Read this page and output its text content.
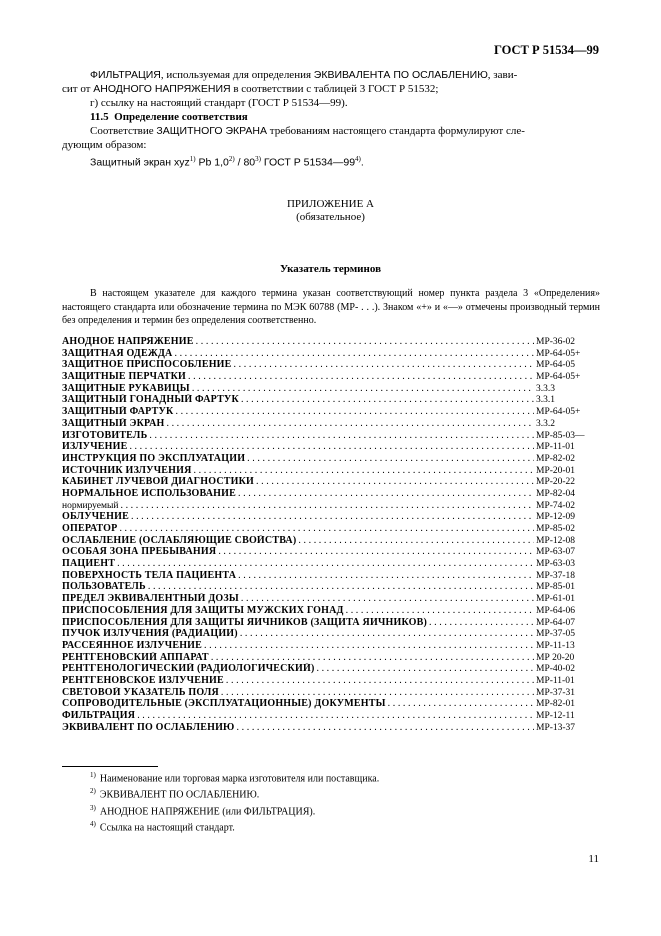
ГОСТ Р 51534—99

ФИЛЬТРАЦИЯ, используемая для определения ЭКВИВАЛЕНТА ПО ОСЛАБЛЕНИЮ, зави-

сит от АНОДНОГО НАПРЯЖЕНИЯ в соответствии с таблицей 3 ГОСТ Р 51532;

г) ссылку на настоящий стандарт (ГОСТ Р 51534—99).

11.5 Определение соответствия

Соответствие ЗАЩИТНОГО ЭКРАНА требованиям настоящего стандарта формулируют сле-

дующим образом:

Защитный экран xyz$^{1)}$ Pb 1,0$^{2)}$ / 80$^{3)}$ ГОСТ Р 51534—99$^{4)}$.

ПРИЛОЖЕНИЕ А
(обязательное)
Указатель терминов

В настоящем указателе для каждого термина указан соответствующий номер пункта раздела 3 «Определения» настоящего стандарта или обозначение термина по МЭК 60788 (МР- . . .). Знаком «+» и «—» отмечены производный термин без определения и термин без определения соответственно.

АНОДНОЕ НАПРЯЖЕНИЕ .....	МР-36-02
ЗАЩИТНАЯ ОДЕЖДА .....	МР-64-05+
ЗАЩИТНОЕ ПРИСПОСОБЛЕНИЕ .....	МР-64-05
ЗАЩИТНЫЕ ПЕРЧАТКИ .....	МР-64-05+
ЗАЩИТНЫЕ РУКАВИЦЫ .....	3.3.3
ЗАЩИТНЫЙ ГОНАДНЫЙ ФАРТУК .....	3.3.1
ЗАЩИТНЫЙ ФАРТУК .....	МР-64-05+
ЗАЩИТНЫЙ ЭКРАН .....	3.3.2
ИЗГОТОВИТЕЛЬ .....	МР-85-03—
ИЗЛУЧЕНИЕ .....	МР-11-01
ИНСТРУКЦИЯ ПО ЭКСПЛУАТАЦИИ .....	МР-82-02
ИСТОЧНИК ИЗЛУЧЕНИЯ .....	МР-20-01
КАБИНЕТ ЛУЧЕВОЙ ДИАГНОСТИКИ .....	МР-20-22
НОРМАЛЬНОЕ ИСПОЛЬЗОВАНИЕ .....	МР-82-04
нормируемый .....	МР-74-02
ОБЛУЧЕНИЕ .....	МР-12-09
ОПЕРАТОР .....	МР-85-02
ОСЛАБЛЕНИЕ (ОСЛАБЛЯЮЩИЕ СВОЙСТВА) .....	МР-12-08
ОСОБАЯ ЗОНА ПРЕБЫВАНИЯ .....	МР-63-07
ПАЦИЕНТ .....	МР-63-03
ПОВЕРХНОСТЬ ТЕЛА ПАЦИЕНТА .....	МР-37-18
ПОЛЬЗОВАТЕЛЬ .....	МР-85-01
ПРЕДЕЛ ЭКВИВАЛЕНТНЫЙ ДОЗЫ .....	МР-61-01
ПРИСПОСОБЛЕНИЯ ДЛЯ ЗАЩИТЫ МУЖСКИХ ГОНАД .....	МР-64-06
ПРИСПОСОБЛЕНИЯ ДЛЯ ЗАЩИТЫ ЯИЧНИКОВ (ЗАЩИТА ЯИЧНИКОВ) .....	МР-64-07
ПУЧОК ИЗЛУЧЕНИЯ (РАДИАЦИИ) .....	МР-37-05
РАССЕЯННОЕ ИЗЛУЧЕНИЕ .....	МР-11-13
РЕНТГЕНОВСКИЙ АППАРАТ .....	МР 20-20
РЕНТГЕНОЛОГИЧЕСКИЙ (РАДИОЛОГИЧЕСКИЙ) .....	МР-40-02
РЕНТГЕНОВСКОЕ ИЗЛУЧЕНИЕ .....	МР-11-01
СВЕТОВОЙ УКАЗАТЕЛЬ ПОЛЯ .....	МР-37-31
СОПРОВОДИТЕЛЬНЫЕ (ЭКСПЛУАТАЦИОННЫЕ) ДОКУМЕНТЫ .....	МР-82-01
ФИЛЬТРАЦИЯ .....	МР-12-11
ЭКВИВАЛЕНТ ПО ОСЛАБЛЕНИЮ .....	МР-13-37

$^{1)}$ Наименование или торговая марка изготовителя или поставщика.

$^{2)}$ ЭКВИВАЛЕНТ ПО ОСЛАБЛЕНИЮ.

$^{3)}$ АНОДНОЕ НАПРЯЖЕНИЕ (или ФИЛЬТРАЦИЯ).

$^{4)}$ Ссылка на настоящий стандарт.

11
